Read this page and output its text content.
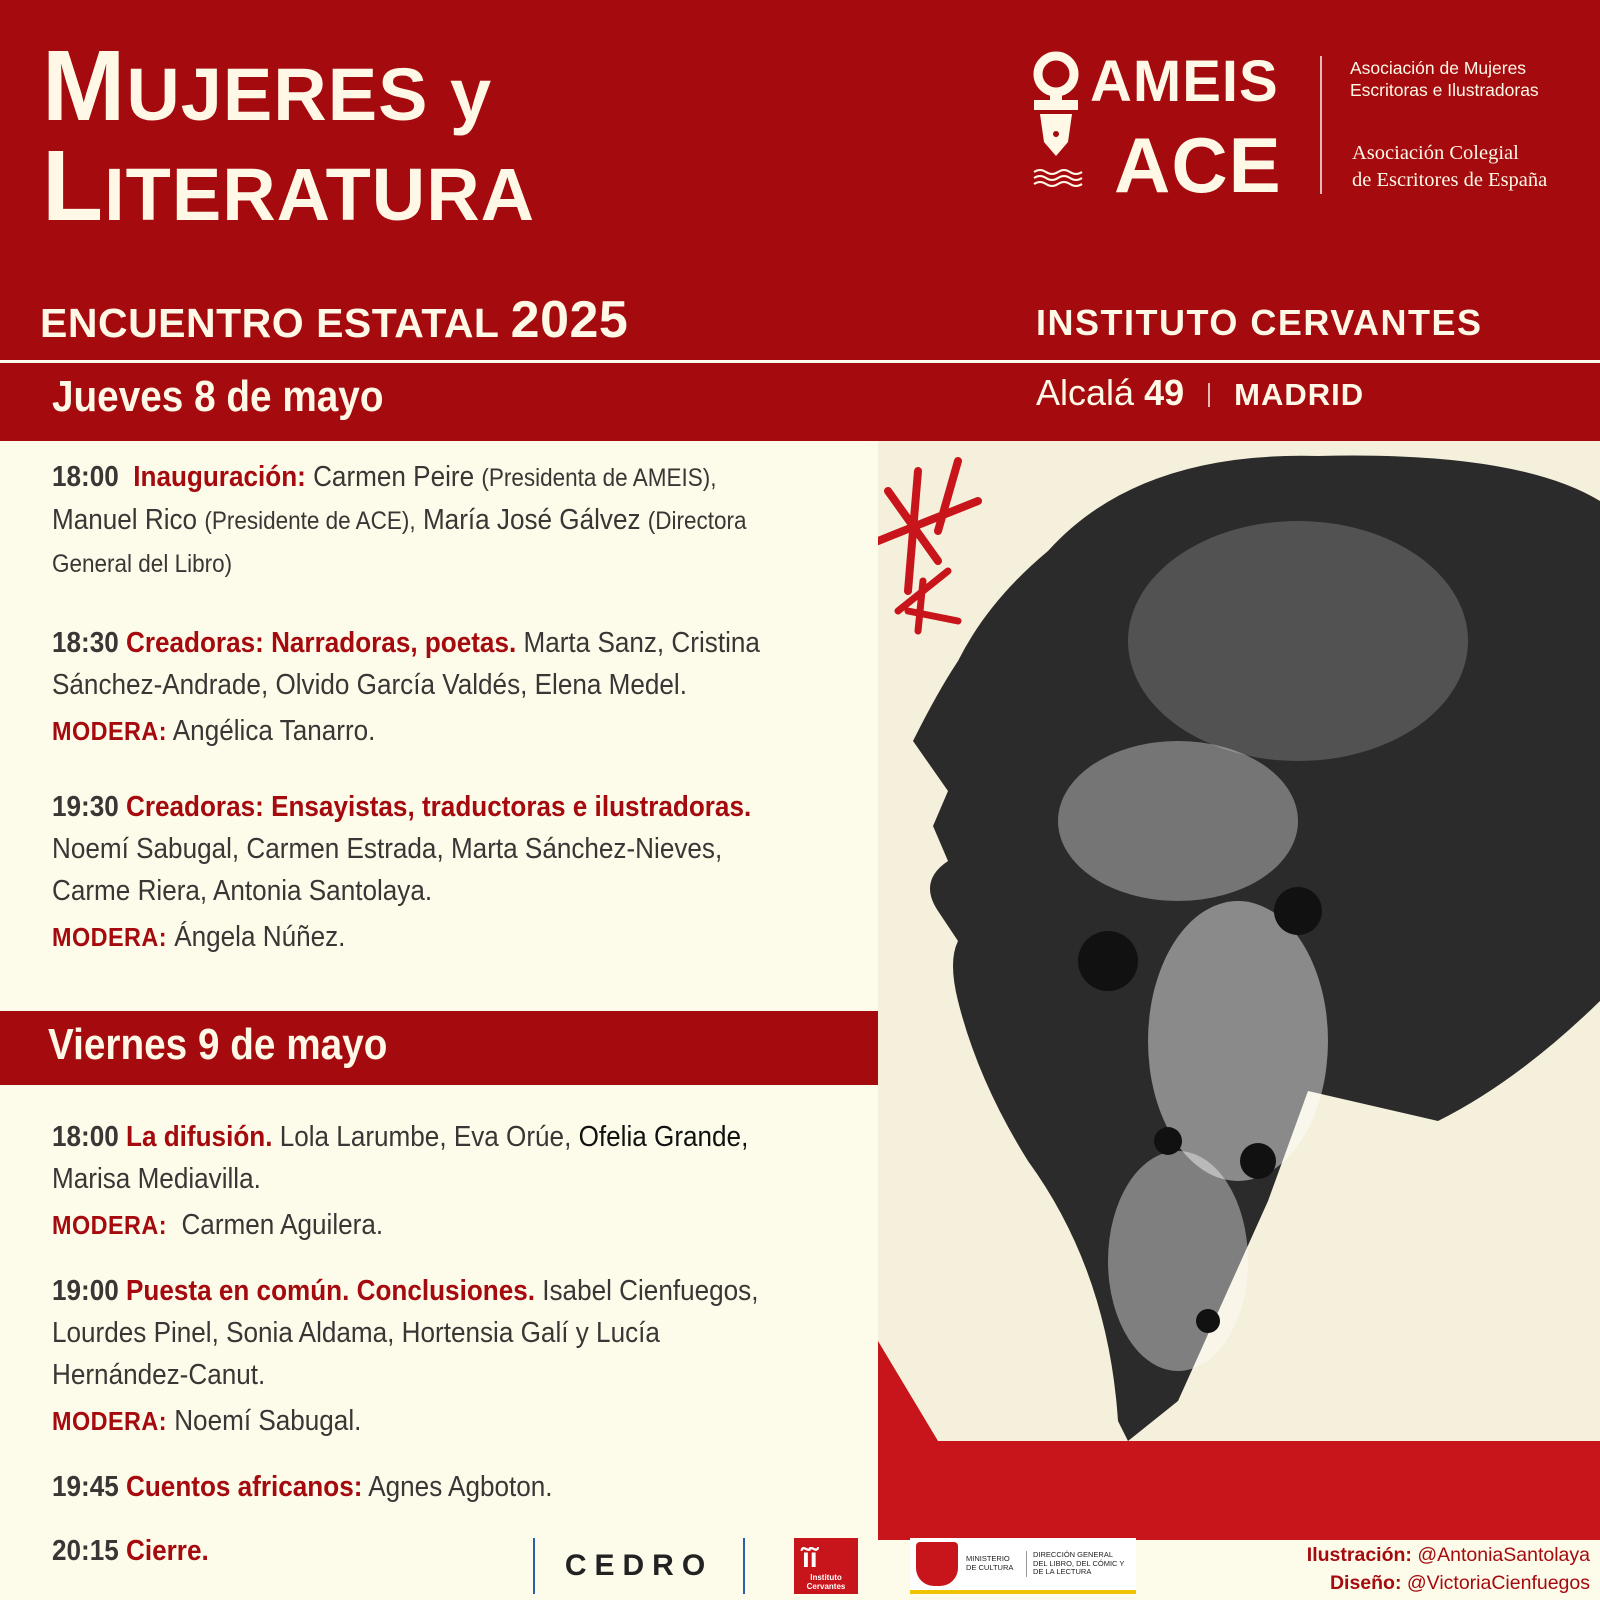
MUJERES y
LITERATURA
ENCUENTRO ESTATAL 2025
AMEIS
ACE
Asociación de Mujeres
Escritoras e Ilustradoras
Asociación Colegial
de Escritores de España
INSTITUTO CERVANTES
Jueves 8 de mayo	Alcalá 49 MADRID
18:00 Inauguración: Carmen Peire (Presidenta de AMEIS), Manuel Rico (Presidente de ACE), María José Gálvez (Directora General del Libro)
18:30 Creadoras: Narradoras, poetas. Marta Sanz, Cristina Sánchez-Andrade, Olvido García Valdés, Elena Medel.
MODERA: Angélica Tanarro.
19:30 Creadoras: Ensayistas, traductoras e ilustradoras. Noemí Sabugal, Carmen Estrada, Marta Sánchez-Nieves, Carme Riera, Antonia Santolaya.
MODERA: Ángela Núñez.
Viernes 9 de mayo
18:00 La difusión. Lola Larumbe, Eva Orúe, Ofelia Grande, Marisa Mediavilla.
MODERA: Carmen Aguilera.
19:00 Puesta en común. Conclusiones. Isabel Cienfuegos, Lourdes Pinel, Sonia Aldama, Hortensia Galí y Lucía Hernández-Canut.
MODERA: Noemí Sabugal.
19:45 Cuentos africanos: Agnes Agboton.
20:15 Cierre.	CEDRO	ĩĩ
Instituto Cervantes
MINISTERIO DE CULTURA
DIRECCIÓN GENERAL DEL LIBRO, DEL CÓMIC Y DE LA LECTURA
Ilustración: @AntoniaSantolaya
Diseño: @VictoriaCienfuegos
